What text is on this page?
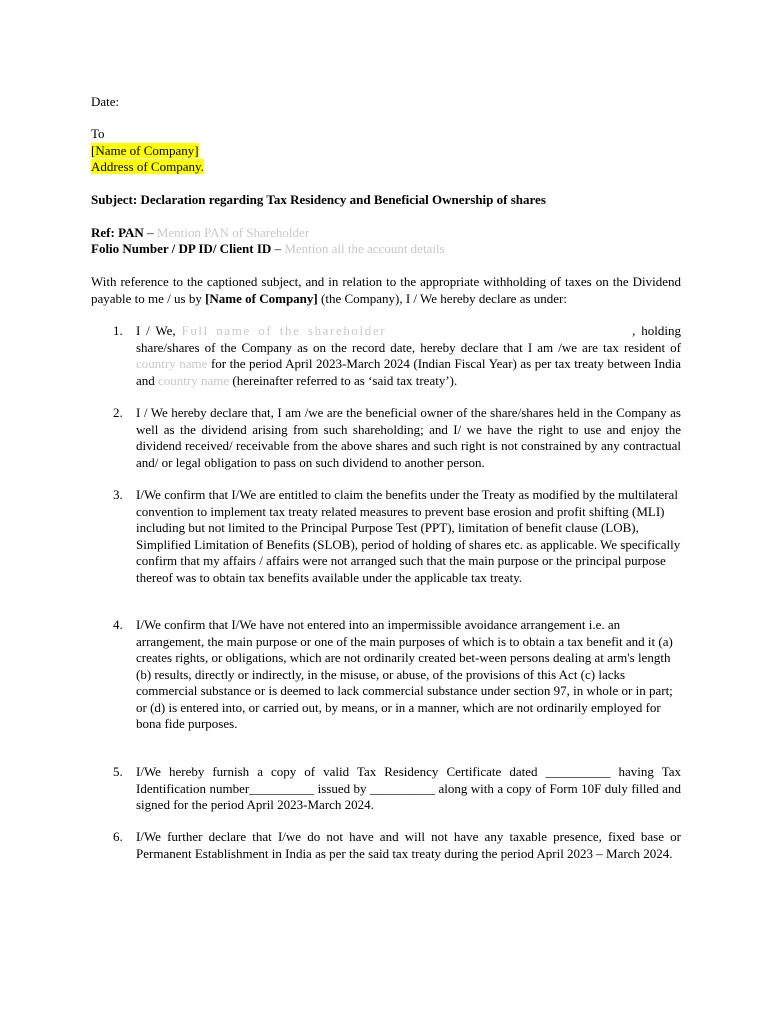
Date:
To
[Name of Company]
Address of Company.
Subject: Declaration regarding Tax Residency and Beneficial Ownership of shares
Ref: PAN – Mention PAN of Shareholder
Folio Number / DP ID/ Client ID – Mention all the account details
With reference to the captioned subject, and in relation to the appropriate withholding of taxes on the Dividend payable to me / us by [Name of Company] (the Company), I / We hereby declare as under:
1.	I / We, Full name of the shareholder	, holding share/shares of the Company as on the record date, hereby declare that I am /we are tax resident of country name for the period April 2023-March 2024 (Indian Fiscal Year) as per tax treaty between India and country name (hereinafter referred to as ‘said tax treaty’).
2.	I / We hereby declare that, I am /we are the beneficial owner of the share/shares held in the Company as well as the dividend arising from such shareholding; and I/ we have the right to use and enjoy the dividend received/ receivable from the above shares and such right is not constrained by any contractual and/ or legal obligation to pass on such dividend to another person.
3.	I/We confirm that I/We are entitled to claim the benefits under the Treaty as modified by the multilateral convention to implement tax treaty related measures to prevent base erosion and profit shifting (MLI) including but not limited to the Principal Purpose Test (PPT), limitation of benefit clause (LOB), Simplified Limitation of Benefits (SLOB), period of holding of shares etc. as applicable. We specifically confirm that my affairs / affairs were not arranged such that the main purpose or the principal purpose thereof was to obtain tax benefits available under the applicable tax treaty.
4.	I/We confirm that I/We have not entered into an impermissible avoidance arrangement i.e. an arrangement, the main purpose or one of the main purposes of which is to obtain a tax benefit and it (a) creates rights, or obligations, which are not ordinarily created bet-ween persons dealing at arm's length (b) results, directly or indirectly, in the misuse, or abuse, of the provisions of this Act (c) lacks commercial substance or is deemed to lack commercial substance under section 97, in whole or in part; or (d) is entered into, or carried out, by means, or in a manner, which are not ordinarily employed for bona fide purposes.
5.	I/We hereby furnish a copy of valid Tax Residency Certificate dated __________ having Tax Identification number__________ issued by __________ along with a copy of Form 10F duly filled and signed for the period April 2023-March 2024.
6.	I/We further declare that I/we do not have and will not have any taxable presence, fixed base or Permanent Establishment in India as per the said tax treaty during the period April 2023 – March 2024.
